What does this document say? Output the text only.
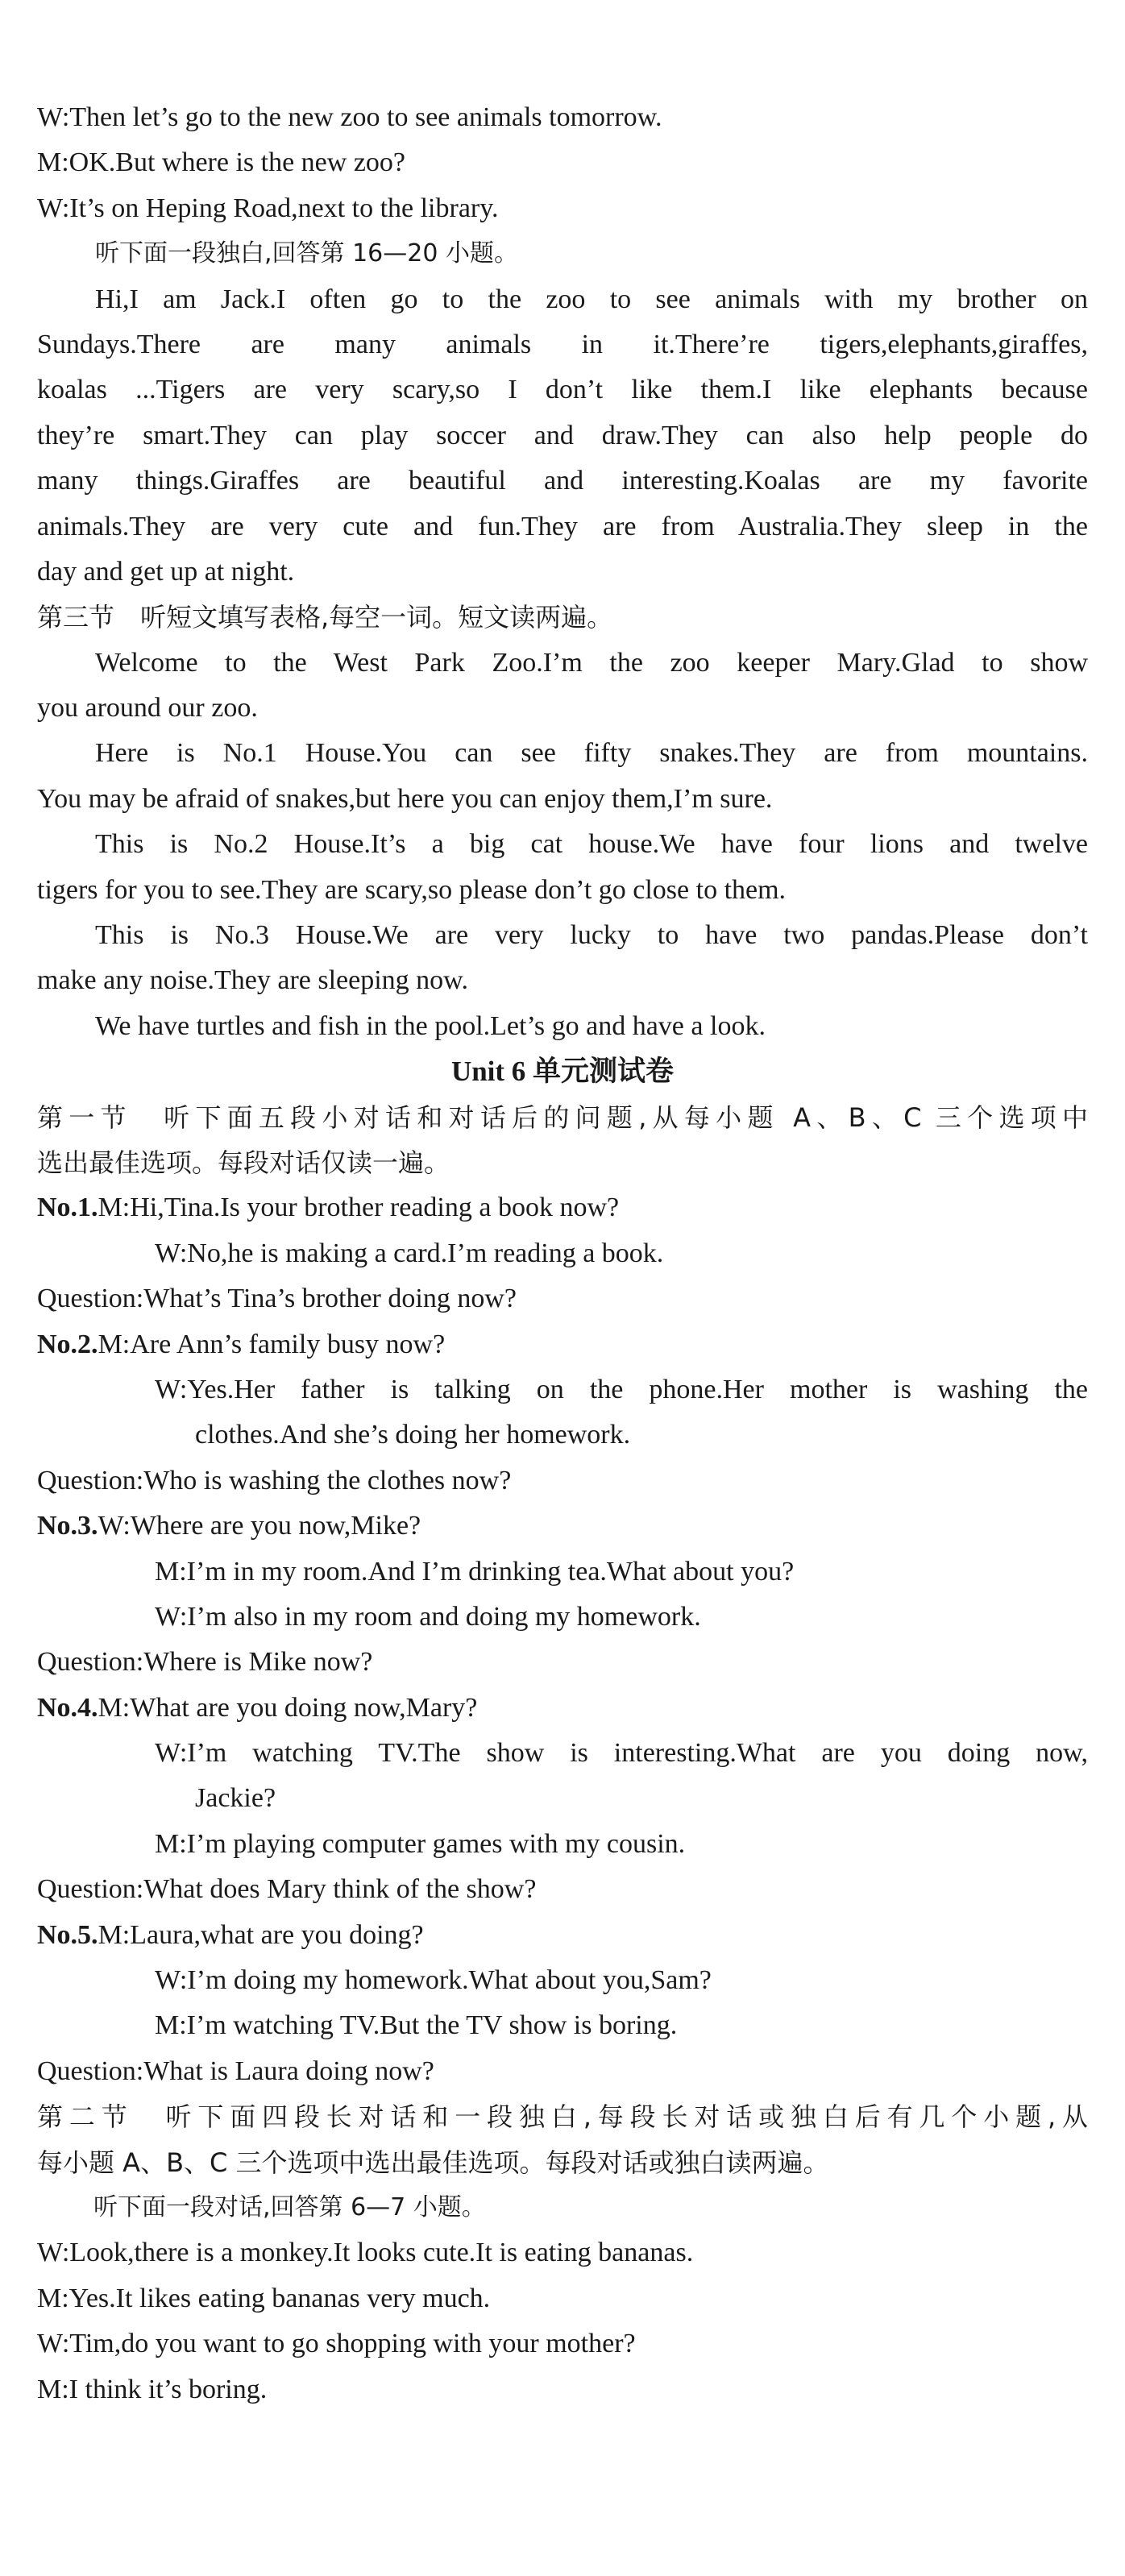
W:Then let’s go to the new zoo to see animals tomorrow.
M:OK.But where is the new zoo?
W:It’s on Heping Road,next to the library.
听下面一段独白,回答第 16—20 小题。
Hi,I am Jack.I often go to the zoo to see animals with my brother on
Sundays.There are many animals in it.There’re tigers,elephants,giraffes,
koalas ...Tigers are very scary,so I don’t like them.I like elephants because
they’re smart.They can play soccer and draw.They can also help people do
many things.Giraffes are beautiful and interesting.Koalas are my favorite
animals.They are very cute and fun.They are from Australia.They sleep in the
day and get up at night.
第三节　听短文填写表格,每空一词。短文读两遍。
Welcome to the West Park Zoo.I’m the zoo keeper Mary.Glad to show
you around our zoo.
Here is No.1 House.You can see fifty snakes.They are from mountains.
You may be afraid of snakes,but here you can enjoy them,I’m sure.
This is No.2 House.It’s a big cat house.We have four lions and twelve
tigers for you to see.They are scary,so please don’t go close to them.
This is No.3 House.We are very lucky to have two pandas.Please don’t
make any noise.They are sleeping now.
We have turtles and fish in the pool.Let’s go and have a look.
Unit 6 单元测试卷
第一节　听下面五段小对话和对话后的问题,从每小题 A、B、C 三个选项中
选出最佳选项。每段对话仅读一遍。
No.1.M:Hi,Tina.Is your brother reading a book now?
W:No,he is making a card.I’m reading a book.
Question:What’s Tina’s brother doing now?
No.2.M:Are Ann’s family busy now?
W:Yes.Her father is talking on the phone.Her mother is washing the
clothes.And she’s doing her homework.
Question:Who is washing the clothes now?
No.3.W:Where are you now,Mike?
M:I’m in my room.And I’m drinking tea.What about you?
W:I’m also in my room and doing my homework.
Question:Where is Mike now?
No.4.M:What are you doing now,Mary?
W:I’m watching TV.The show is interesting.What are you doing now,
Jackie?
M:I’m playing computer games with my cousin.
Question:What does Mary think of the show?
No.5.M:Laura,what are you doing?
W:I’m doing my homework.What about you,Sam?
M:I’m watching TV.But the TV show is boring.
Question:What is Laura doing now?
第二节　听下面四段长对话和一段独白,每段长对话或独白后有几个小题,从
每小题 A、B、C 三个选项中选出最佳选项。每段对话或独白读两遍。
听下面一段对话,回答第 6—7 小题。
W:Look,there is a monkey.It looks cute.It is eating bananas.
M:Yes.It likes eating bananas very much.
W:Tim,do you want to go shopping with your mother?
M:I think it’s boring.
